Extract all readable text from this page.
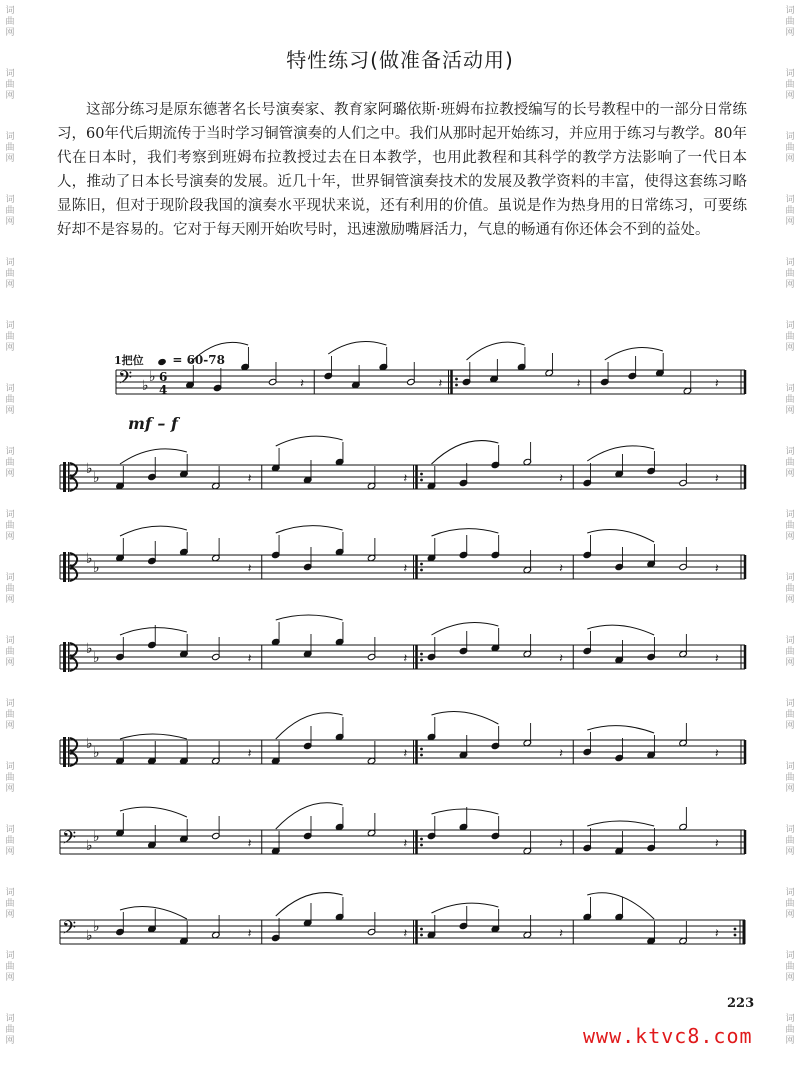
词
曲
网
词
曲
网
词
曲
网
词
曲
网
词
曲
网
词
曲
网
词
曲
网
词
曲
网
词
曲
网
词
曲
网
词
曲
网
词
曲
网
词
曲
网
词
曲
网
词
曲
网
词
曲
网
词
曲
网
词
曲
网
词
曲
网
词
曲
网
词
曲
网
词
曲
网
词
曲
网
词
曲
网
词
曲
网
词
曲
网
词
曲
网
词
曲
网
词
曲
网
词
曲
网
词
曲
网
词
曲
网
词
曲
网
词
曲
网
特性练习(做准备活动用)
这部分练习是原东德著名长号演奏家、教育家阿璐依斯·班姆布拉教授编写的长号教程中的一部分日常练习，60年代后期流传于当时学习铜管演奏的人们之中。我们从那时起开始练习，并应用于练习与教学。80年代在日本时，我们考察到班姆布拉教授过去在日本教学，也用此教程和其科学的教学方法影响了一代日本人，推动了日本长号演奏的发展。近几十年，世界铜管演奏技术的发展及教学资料的丰富，使得这套练习略显陈旧，但对于现阶段我国的演奏水平现状来说，还有利用的价值。虽说是作为热身用的日常练习，可要练好却不是容易的。它对于每天刚开始吹号时，迅速激励嘴唇活力，气息的畅通有你还体会不到的益处。
1把位 = 60-78
mf – f
𝄢 ♭
♭ 6
4	𝄽	𝄽	𝄽	𝄽
♭
♭	𝄽	𝄽	𝄽	𝄽
♭
♭	𝄽	𝄽	𝄽	𝄽
♭
♭	𝄽	𝄽	𝄽	𝄽
♭
♭	𝄽	𝄽	𝄽	𝄽
𝄢 ♭
♭	𝄽	𝄽	𝄽	𝄽
𝄢 ♭
♭	𝄽	𝄽	𝄽	𝄽
223
www.ktvc8.com
